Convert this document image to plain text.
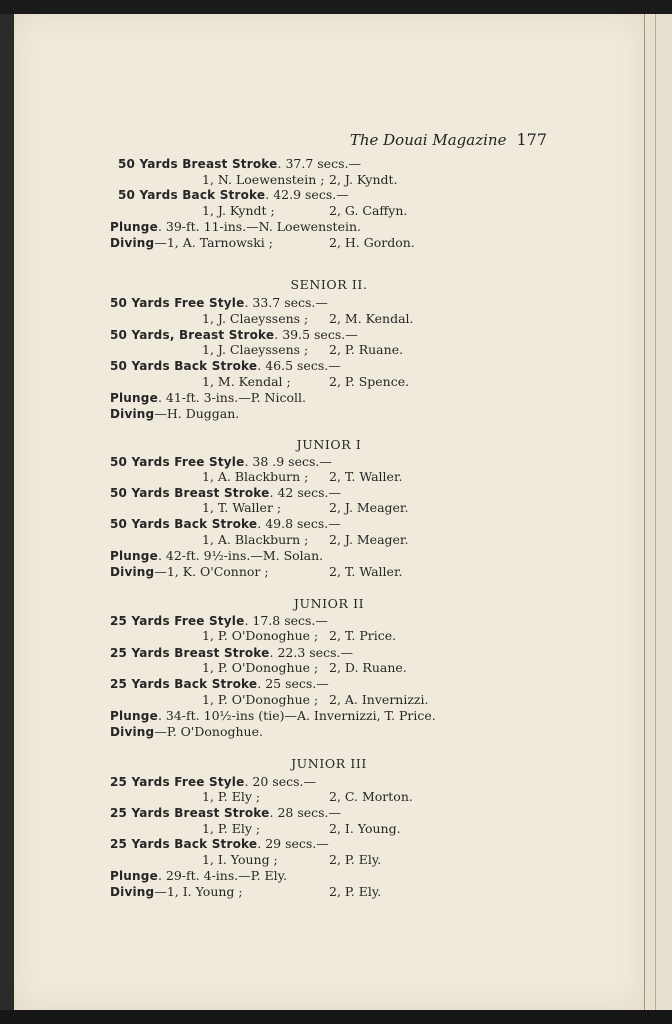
The Douai Magazine 177
50 Yards Breast Stroke. 37.7 secs.—
1, N. Loewenstein ; 2, J. Kyndt.
50 Yards Back Stroke. 42.9 secs.—
1, J. Kyndt ;	2, G. Caffyn.
Plunge. 39-ft. 11-ins.—N. Loewenstein.
Diving—1, A. Tarnowski ;	2, H. Gordon.
SENIOR II.
50 Yards Free Style. 33.7 secs.—
1, J. Claeyssens ; 2, M. Kendal.
50 Yards, Breast Stroke. 39.5 secs.—
1, J. Claeyssens ; 2, P. Ruane.
50 Yards Back Stroke. 46.5 secs.—
1, M. Kendal ;	2, P. Spence.
Plunge. 41-ft. 3-ins.—P. Nicoll.
Diving—H. Duggan.
JUNIOR I
50 Yards Free Style. 38 .9 secs.—
1, A. Blackburn ; 2, T. Waller.
50 Yards Breast Stroke. 42 secs.—
1, T. Waller ;	2, J. Meager.
50 Yards Back Stroke. 49.8 secs.—
1, A. Blackburn ; 2, J. Meager.
Plunge. 42-ft. 9½-ins.—M. Solan.
Diving—1, K. O'Connor ;	2, T. Waller.
JUNIOR II
25 Yards Free Style. 17.8 secs.—
1, P. O'Donoghue ; 2, T. Price.
25 Yards Breast Stroke. 22.3 secs.—
1, P. O'Donoghue ; 2, D. Ruane.
25 Yards Back Stroke. 25 secs.—
1, P. O'Donoghue ; 2, A. Invernizzi.
Plunge. 34-ft. 10½-ins (tie)—A. Invernizzi, T. Price.
Diving—P. O'Donoghue.
JUNIOR III
25 Yards Free Style. 20 secs.—
1, P. Ely ;	2, C. Morton.
25 Yards Breast Stroke. 28 secs.—
1, P. Ely ;	2, I. Young.
25 Yards Back Stroke. 29 secs.—
1, I. Young ;	2, P. Ely.
Plunge. 29-ft. 4-ins.—P. Ely.
Diving—1, I. Young ;	2, P. Ely.
